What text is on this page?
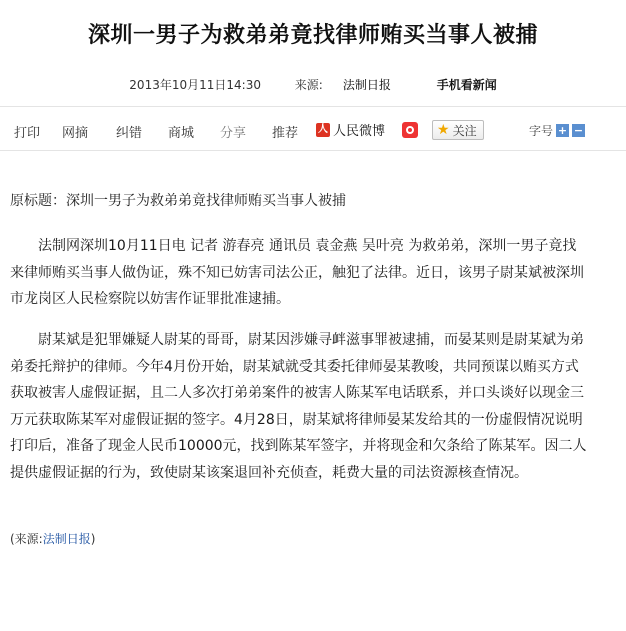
深圳一男子为救弟弟竟找律师贿买当事人被捕
2013年10月11日14:30	来源: 法制日报	手机看新闻
打印 网摘 纠错 商城 分享 推荐 人 人民微博	★ 关注	字号 + −
原标题：深圳一男子为救弟弟竟找律师贿买当事人被捕

法制网深圳10月11日电 记者 游春亮 通讯员 袁金燕 吴叶亮 为救弟弟，深圳一男子竟找来律师贿买当事人做伪证，殊不知已妨害司法公正，触犯了法律。近日，该男子尉某斌被深圳市龙岗区人民检察院以妨害作证罪批准逮捕。

尉某斌是犯罪嫌疑人尉某的哥哥，尉某因涉嫌寻衅滋事罪被逮捕，而晏某则是尉某斌为弟弟委托辩护的律师。今年4月份开始，尉某斌就受其委托律师晏某教唆，共同预谋以贿买方式获取被害人虚假证据，且二人多次打弟弟案件的被害人陈某军电话联系，并口头谈好以现金三万元获取陈某军对虚假证据的签字。4月28日，尉某斌将律师晏某发给其的一份虚假情况说明打印后，准备了现金人民币10000元，找到陈某军签字，并将现金和欠条给了陈某军。因二人提供虚假证据的行为，致使尉某该案退回补充侦查，耗费大量的司法资源核查情况。

(来源:法制日报)
